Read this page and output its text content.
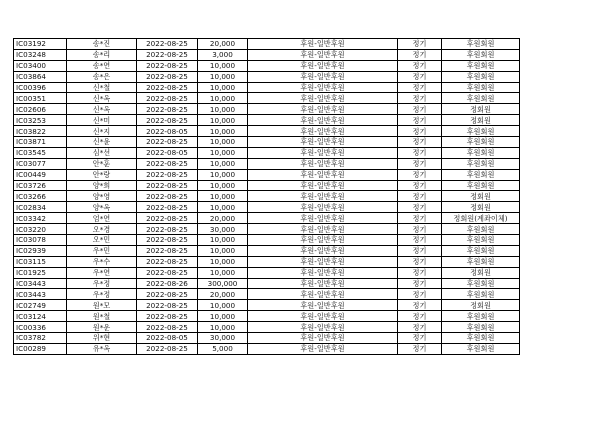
IC03192	송*진	2022-08-25	20,000	후원-일반후원	정기	후원회원
IC03248	송*리	2022-08-25	3,000	후원-일반후원	정기	후원회원
IC03400	송*연	2022-08-25	10,000	후원-일반후원	정기	후원회원
IC03864	송*은	2022-08-25	10,000	후원-일반후원	정기	후원회원
IC00396	신*철	2022-08-25	10,000	후원-일반후원	정기	후원회원
IC00351	신*옥	2022-08-25	10,000	후원-일반후원	정기	후원회원
IC02606	신*옥	2022-08-25	10,000	후원-일반후원	정기	정회원
IC03253	신*미	2022-08-25	10,000	후원-일반후원	정기	정회원
IC03822	신*지	2022-08-05	10,000	후원-일반후원	정기	후원회원
IC03871	신*윤	2022-08-25	10,000	후원-일반후원	정기	후원회원
IC03545	심*선	2022-08-05	10,000	후원-일반후원	정기	후원회원
IC03077	안*훈	2022-08-25	10,000	후원-일반후원	정기	후원회원
IC00449	안*랑	2022-08-25	10,000	후원-일반후원	정기	후원회원
IC03726	양*희	2022-08-25	10,000	후원-일반후원	정기	후원회원
IC03266	양*영	2022-08-25	10,000	후원-일반후원	정기	정회원
IC02834	양*옥	2022-08-25	10,000	후원-일반후원	정기	정회원
IC03342	엄*연	2022-08-25	20,000	후원-일반후원	정기	정회원(계좌이체)
IC03220	오*경	2022-08-25	30,000	후원-일반후원	정기	후원회원
IC03078	오*민	2022-08-25	10,000	후원-일반후원	정기	후원회원
IC02939	우*민	2022-08-25	10,000	후원-일반후원	정기	후원회원
IC03115	우*수	2022-08-25	10,000	후원-일반후원	정기	후원회원
IC01925	우*연	2022-08-25	10,000	후원-일반후원	정기	정회원
IC03443	우*정	2022-08-26	300,000	후원-일반후원	정기	후원회원
IC03443	우*정	2022-08-25	20,000	후원-일반후원	정기	후원회원
IC02749	원*모	2022-08-25	10,000	후원-일반후원	정기	정회원
IC03124	원*철	2022-08-25	10,000	후원-일반후원	정기	후원회원
IC00336	원*운	2022-08-25	10,000	후원-일반후원	정기	후원회원
IC03782	위*현	2022-08-05	30,000	후원-일반후원	정기	후원회원
IC00289	유*옥	2022-08-25	5,000	후원-일반후원	정기	후원회원
